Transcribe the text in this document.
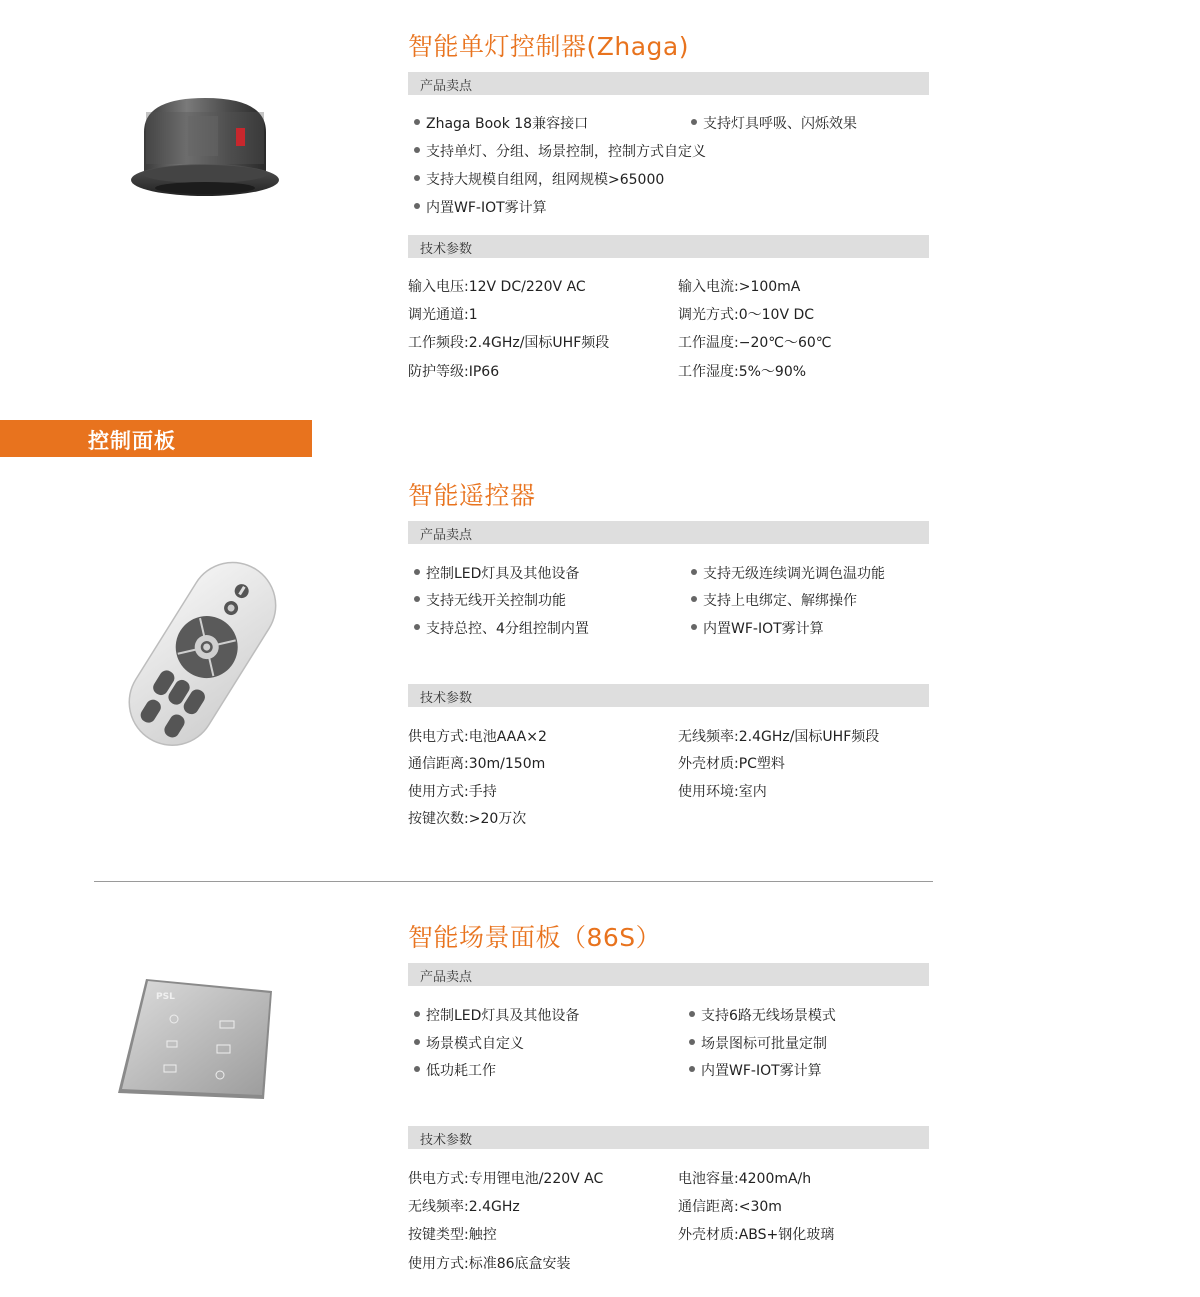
智能单灯控制器(Zhaga)
产品卖点
Zhaga Book 18兼容接口	支持灯具呼吸、闪烁效果
支持单灯、分组、场景控制，控制方式自定义
支持大规模自组网，组网规模>65000
内置WF-IOT雾计算
技术参数
输入电压:12V DC/220V AC	输入电流:>100mA
调光通道:1	调光方式:0～10V DC
工作频段:2.4GHz/国标UHF频段	工作温度:−20℃～60℃
防护等级:IP66	工作湿度:5%～90%
控制面板
智能遥控器
产品卖点
控制LED灯具及其他设备	支持无级连续调光调色温功能
支持无线开关控制功能	支持上电绑定、解绑操作
支持总控、4分组控制内置	内置WF-IOT雾计算
技术参数
供电方式:电池AAA×2	无线频率:2.4GHz/国标UHF频段
通信距离:30m/150m	外壳材质:PC塑料
使用方式:手持	使用环境:室内
按键次数:>20万次
PSL
智能场景面板（86S）
产品卖点
控制LED灯具及其他设备	支持6路无线场景模式
场景模式自定义	场景图标可批量定制
低功耗工作	内置WF-IOT雾计算
技术参数
供电方式:专用锂电池/220V AC	电池容量:4200mA/h
无线频率:2.4GHz	通信距离:<30m
按键类型:触控	外壳材质:ABS+钢化玻璃
使用方式:标准86底盒安装
